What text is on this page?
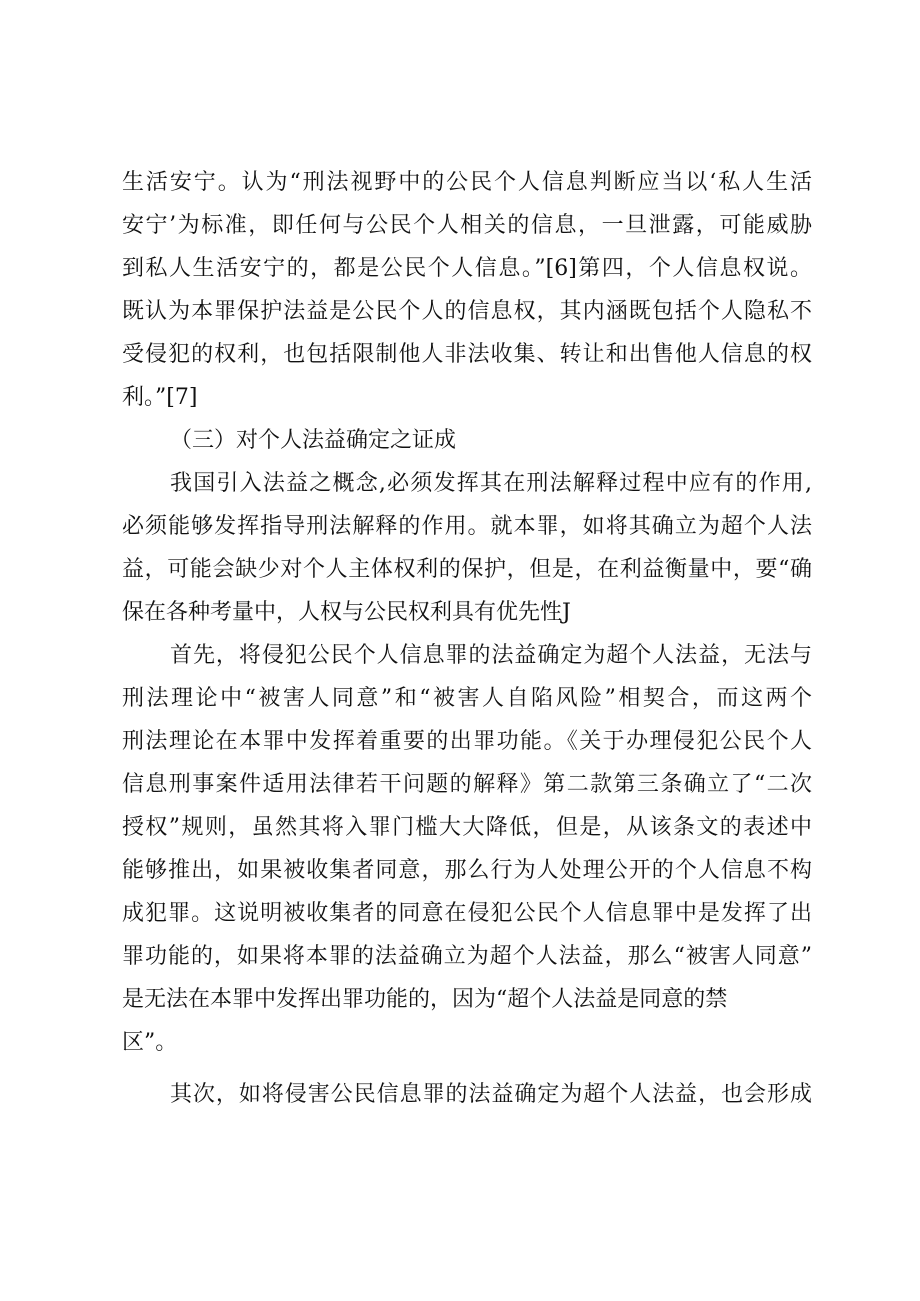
生活安宁。认为“刑法视野中的公民个人信息判断应当以‘私人生活
安宁’为标准，即任何与公民个人相关的信息，一旦泄露，可能威胁
到私人生活安宁的，都是公民个人信息。”[6]第四，个人信息权说。
既认为本罪保护法益是公民个人的信息权，其内涵既包括个人隐私不
受侵犯的权利，也包括限制他人非法收集、转让和出售他人信息的权
利。”[7]
（三）对个人法益确定之证成
我国引入法益之概念,必须发挥其在刑法解释过程中应有的作用,
必须能够发挥指导刑法解释的作用。就本罪，如将其确立为超个人法
益，可能会缺少对个人主体权利的保护，但是，在利益衡量中，要“确
保在各种考量中，人权与公民权利具有优先性J
首先，将侵犯公民个人信息罪的法益确定为超个人法益，无法与
刑法理论中“被害人同意”和“被害人自陷风险”相契合，而这两个
刑法理论在本罪中发挥着重要的出罪功能。《关于办理侵犯公民个人
信息刑事案件适用法律若干问题的解释》第二款第三条确立了“二次
授权”规则，虽然其将入罪门槛大大降低，但是，从该条文的表述中
能够推出，如果被收集者同意，那么行为人处理公开的个人信息不构
成犯罪。这说明被收集者的同意在侵犯公民个人信息罪中是发挥了出
罪功能的，如果将本罪的法益确立为超个人法益，那么“被害人同意”
是无法在本罪中发挥出罪功能的，因为“超个人法益是同意的禁
区”。
其次，如将侵害公民信息罪的法益确定为超个人法益，也会形成
